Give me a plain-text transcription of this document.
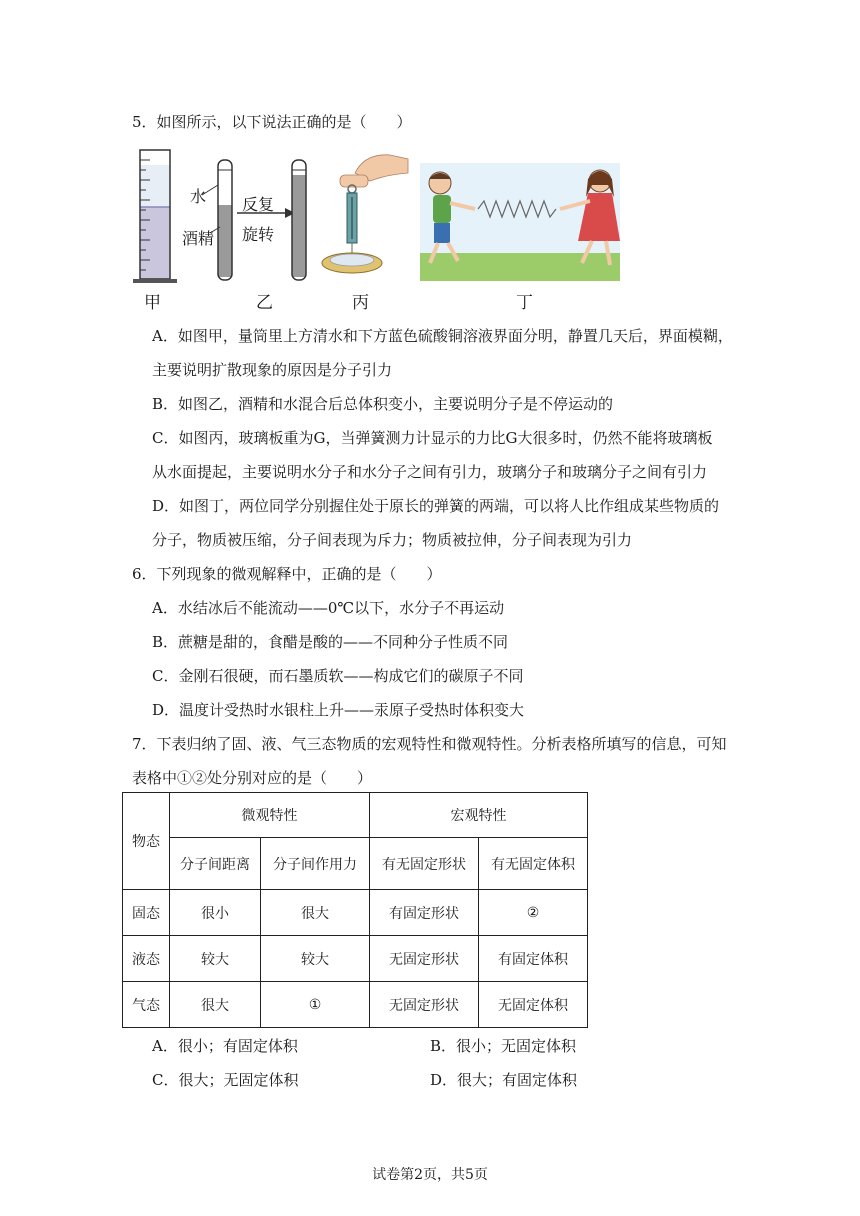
5．如图所示，以下说法正确的是（　　）
水
酒精
反复
旋转
甲	乙	丙	丁
A．如图甲，量筒里上方清水和下方蓝色硫酸铜溶液界面分明，静置几天后，界面模糊，
主要说明扩散现象的原因是分子引力
B．如图乙，酒精和水混合后总体积变小，主要说明分子是不停运动的
C．如图丙，玻璃板重为G，当弹簧测力计显示的力比G大很多时，仍然不能将玻璃板
从水面提起，主要说明水分子和水分子之间有引力，玻璃分子和玻璃分子之间有引力
D．如图丁，两位同学分别握住处于原长的弹簧的两端，可以将人比作组成某些物质的
分子，物质被压缩，分子间表现为斥力；物质被拉伸，分子间表现为引力
6．下列现象的微观解释中，正确的是（　　）
A．水结冰后不能流动——0℃以下，水分子不再运动
B．蔗糖是甜的，食醋是酸的——不同种分子性质不同
C．金刚石很硬，而石墨质软——构成它们的碳原子不同
D．温度计受热时水银柱上升——汞原子受热时体积变大
7．下表归纳了固、液、气三态物质的宏观特性和微观特性。分析表格所填写的信息，可知
表格中①②处分别对应的是（　　）
物态	微观特性		宏观特性	
	分子间距离	分子间作用力	有无固定形状	有无固定体积
固态	很小	很大	有固定形状	②
液态	较大	较大	无固定形状	有固定体积
气态	很大	①	无固定形状	无固定体积
A．很小；有固定体积	B．很小；无固定体积
C．很大；无固定体积	D．很大；有固定体积
试卷第2页，共5页
